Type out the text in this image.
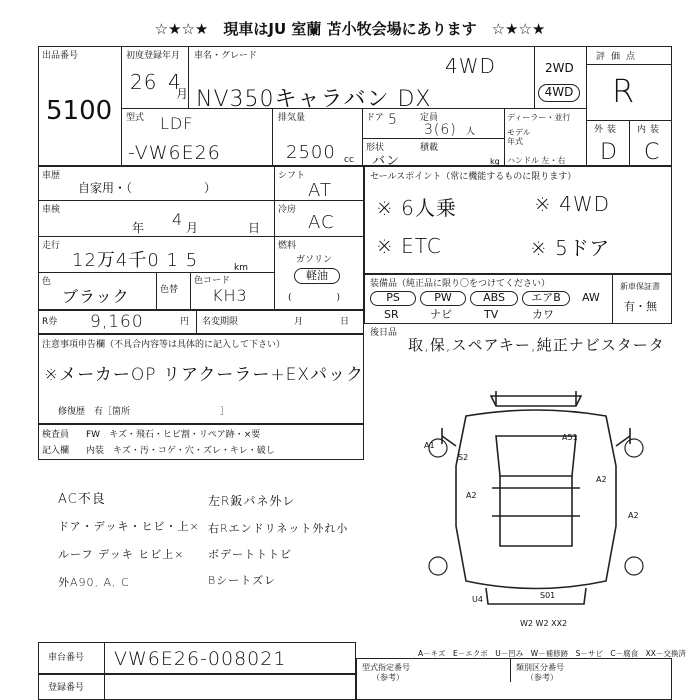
☆★☆★　現車はJU 室蘭 苫小牧会場にあります　☆★☆★
出品番号
5100
初度登録年月
26 4
月
車名・グレード	4WD
NV350キャラバン DX
2WD
4WD
評価点
R
外装 内装
D C
型式 LDF
-VW6E26
排気量
2500 cc
ドア 5 定員
3(6) 人
形状
バン
積載
kg
ディーラー・並行
モデル年式
ハンドル 左・右
車歴
自家用・（　　　　　　）
車検
年 4 月	日
走行
12万4千0 1 5	km
色
ブラック	色替
色コード
KH3
シフト
AT
冷房
AC
燃料
ガソリン
軽油
(　　　　　)
セールスポイント（常に機能するものに限ります）
※ 6人乗	※ 4WD
※ ETC	※ 5ドア
装備品（純正品に限り〇をつけてください）
PS	PW	ABS	エアB	AW
SR	ナビ	TV	カワ
新車保証書
有・無
R券 9,160	円 名変期限	月	日
後日品
取,保,スペアキー,純正ナビスタータ
注意事項申告欄（不具合内容等は具体的に記入して下さい）
※メーカーOP リアクーラー+EXパック
修復歴　有［箇所　　　　　　　　　　］
検査員
記入欄
FW　キズ・飛石・ヒビ割・リペア跡・×要
内装　キズ・汚・コゲ・穴・ズレ・キレ・破し
A51
A2
A2
A2
S2
A1
U4	S01
W2 W2 XX2
AC不良
ドア・デッキ・ヒビ・上×
ルーフ デッキ ヒビ上×
外A90, A, C
左R鈑パネ外レ
右Rエンドリネット外れ小
ボデートトトビ
Bシートズレ
A－キズ　E－エクボ　U－凹み　W－補修跡　S－サビ　C－腐食　XX－交換済
車台番号 VW6E26-008021	型式指定番号
（参考）
類別区分番号
（参考）
登録番号
